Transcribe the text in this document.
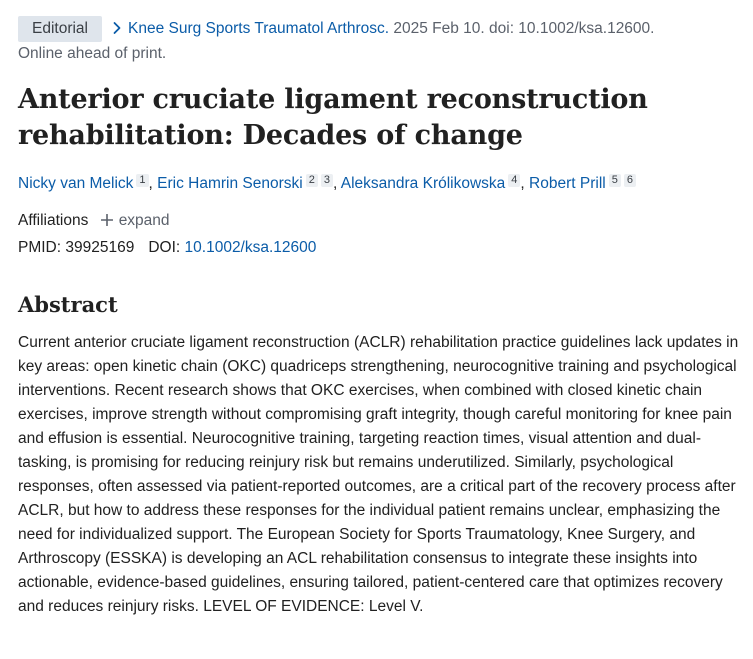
Editorial	Knee Surg Sports Traumatol Arthrosc. 2025 Feb 10. doi: 10.1002/ksa.12600.
Online ahead of print.
Anterior cruciate ligament reconstruction rehabilitation: Decades of change
Nicky van Melick 1 , Eric Hamrin Senorski 2 3 , Aleksandra Królikowska 4 , Robert Prill 5 6
Affiliations expand
PMID: 39925169 DOI: 10.1002/ksa.12600
Abstract
Current anterior cruciate ligament reconstruction (ACLR) rehabilitation practice guidelines lack updates in key areas: open kinetic chain (OKC) quadriceps strengthening, neurocognitive training and psychological interventions. Recent research shows that OKC exercises, when combined with closed kinetic chain exercises, improve strength without compromising graft integrity, though careful monitoring for knee pain and effusion is essential. Neurocognitive training, targeting reaction times, visual attention and dual-tasking, is promising for reducing reinjury risk but remains underutilized. Similarly, psychological responses, often assessed via patient-reported outcomes, are a critical part of the recovery process after ACLR, but how to address these responses for the individual patient remains unclear, emphasizing the need for individualized support. The European Society for Sports Traumatology, Knee Surgery, and Arthroscopy (ESSKA) is developing an ACL rehabilitation consensus to integrate these insights into actionable, evidence-based guidelines, ensuring tailored, patient-centered care that optimizes recovery and reduces reinjury risks. LEVEL OF EVIDENCE: Level V.
